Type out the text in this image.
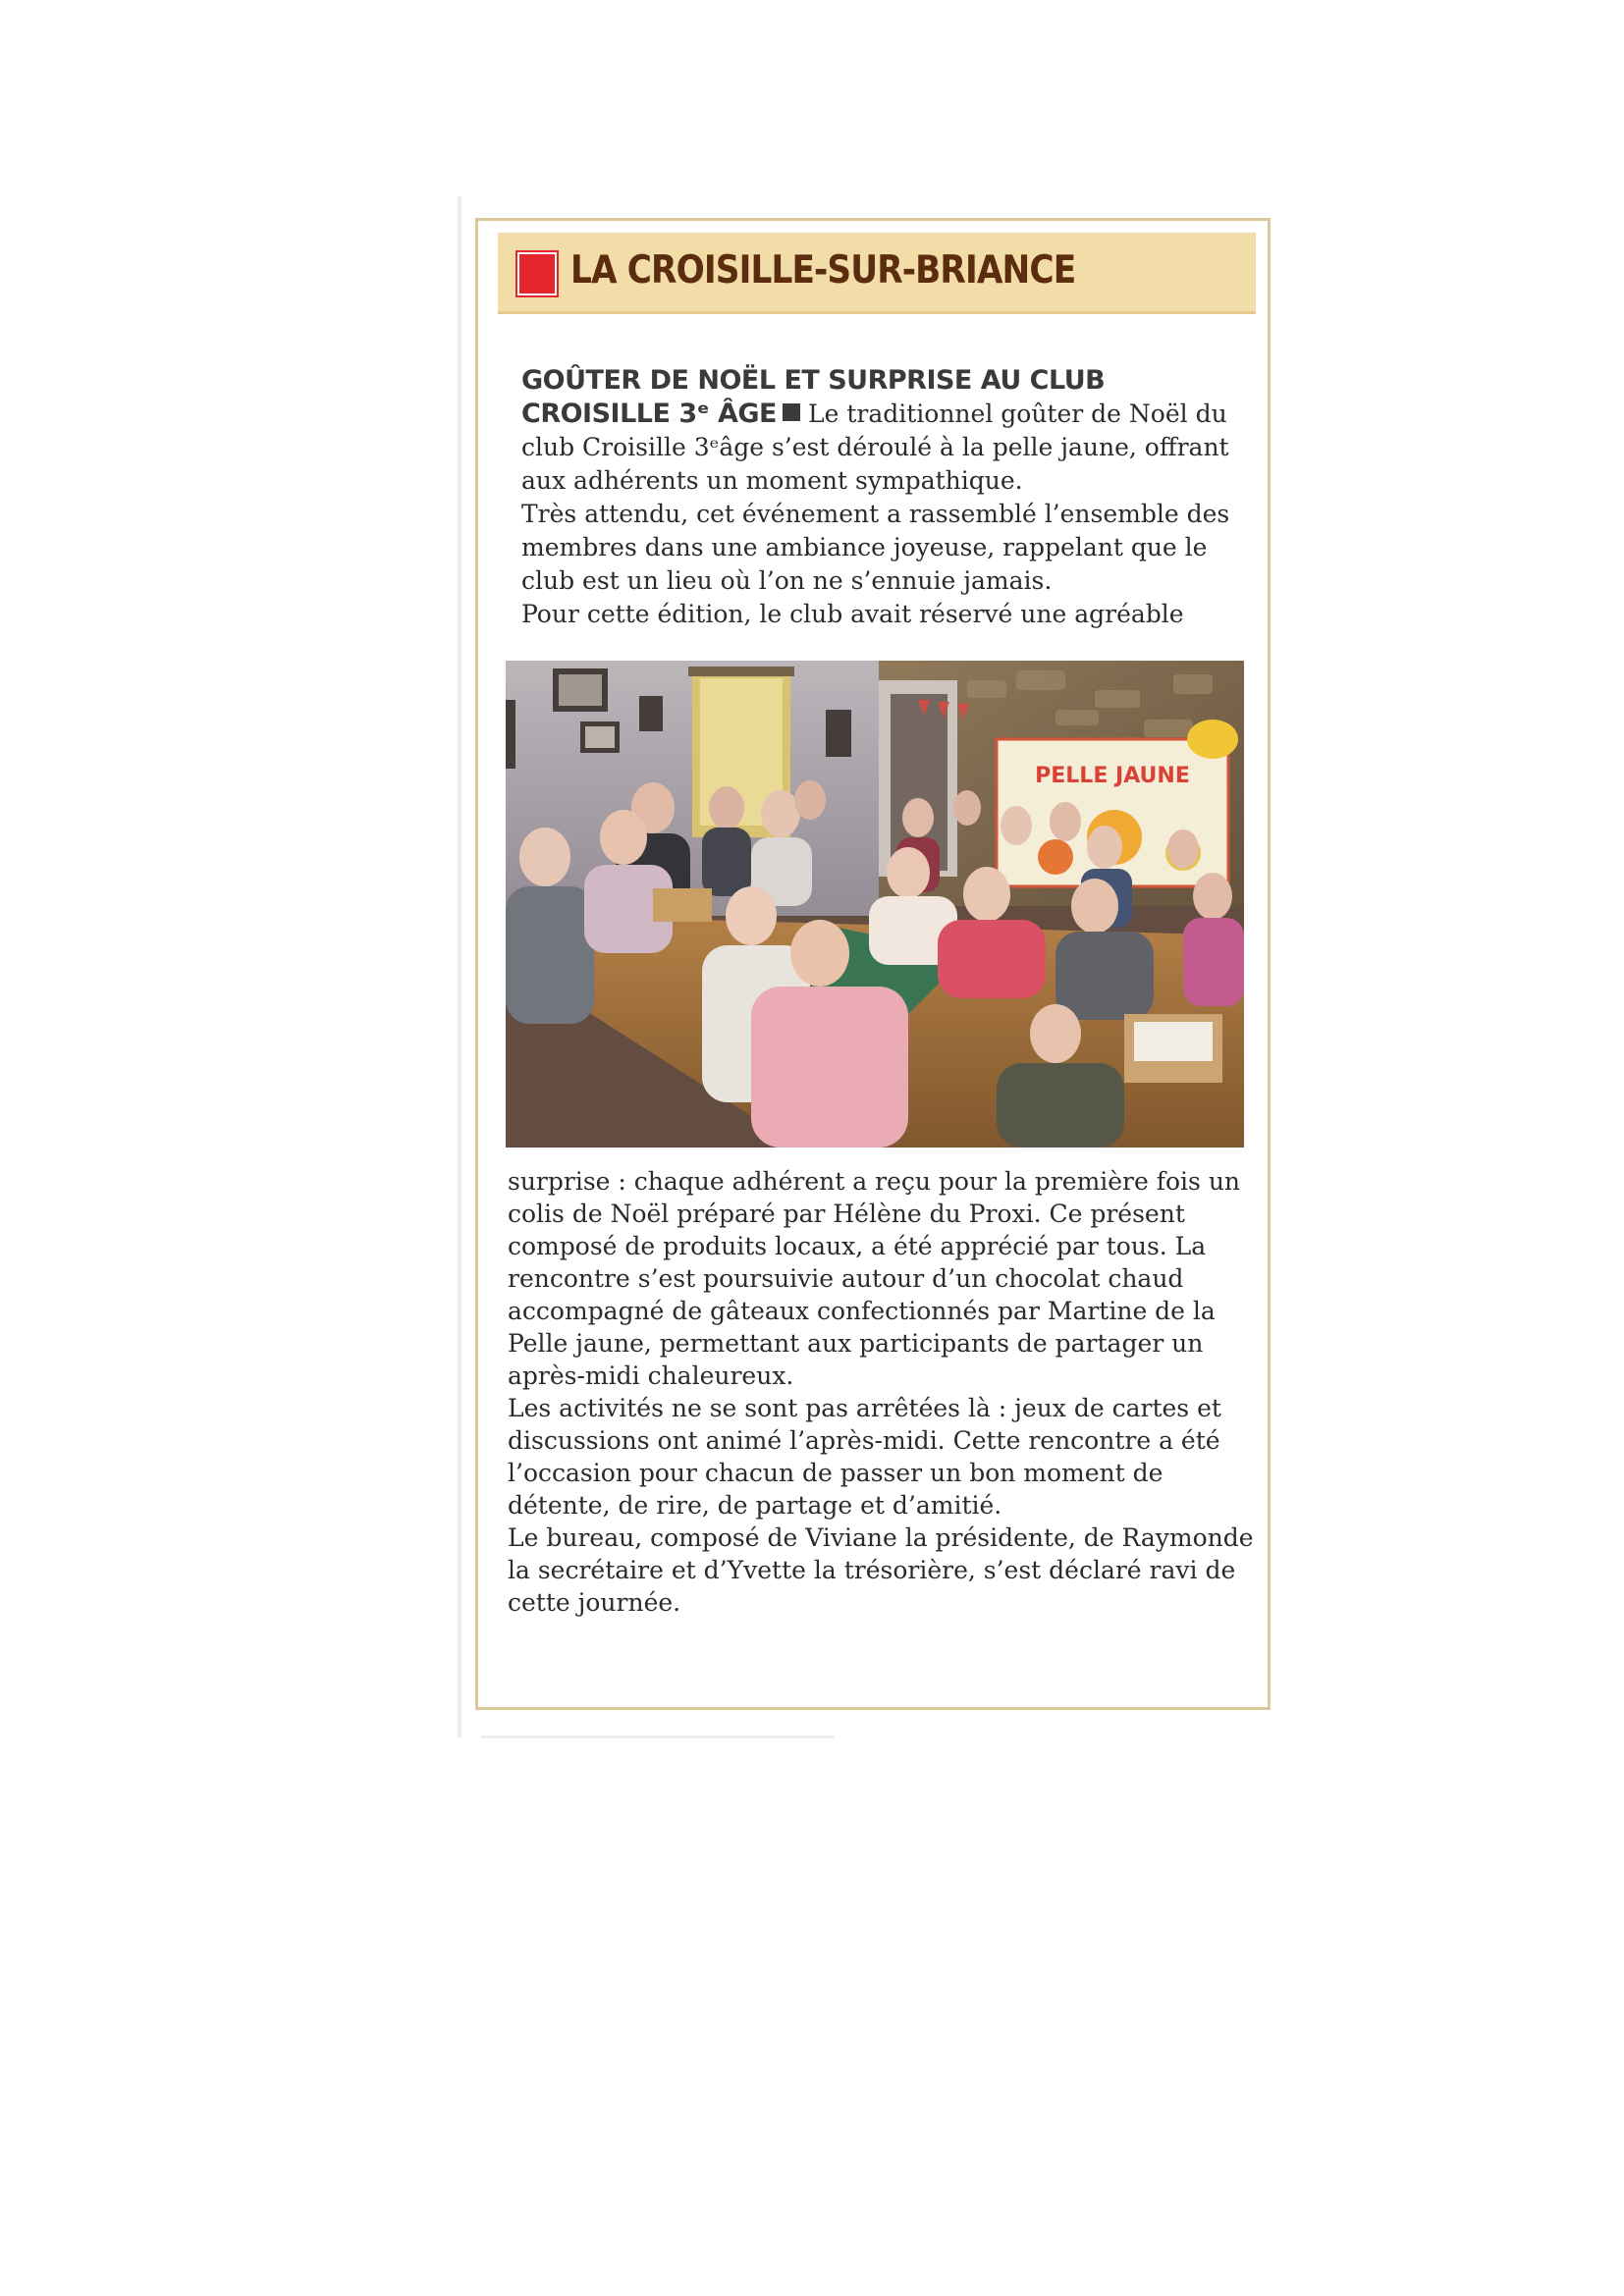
LA CROISILLE-SUR-BRIANCE

GOÛTER DE NOËL ET SURPRISE AU CLUB CROISILLE 3ᵉ ÂGE Le traditionnel goûter de Noël du club Croisille 3ᵉâge s’est déroulé à la pelle jaune, offrant aux adhérents un moment sympathique.

Très attendu, cet événement a rassemblé l’ensemble des membres dans une ambiance joyeuse, rappelant que le club est un lieu où l’on ne s’ennuie jamais.
Pour cette édition, le club avait réservé une agréable

PELLE JAUNE

surprise : chaque adhérent a reçu pour la première fois un colis de Noël préparé par Hélène du Proxi. Ce présent composé de produits locaux, a été apprécié par tous. La rencontre s’est poursuivie autour d’un chocolat chaud accompagné de gâteaux confectionnés par Martine de la Pelle jaune, permettant aux participants de partager un après-midi chaleureux.

Les activités ne se sont pas arrêtées là : jeux de cartes et discussions ont animé l’après-midi. Cette rencontre a été l’occasion pour chacun de passer un bon moment de détente, de rire, de partage et d’amitié.

Le bureau, composé de Viviane la présidente, de Raymonde la secrétaire et d’Yvette la trésorière, s’est déclaré ravi de cette journée.
